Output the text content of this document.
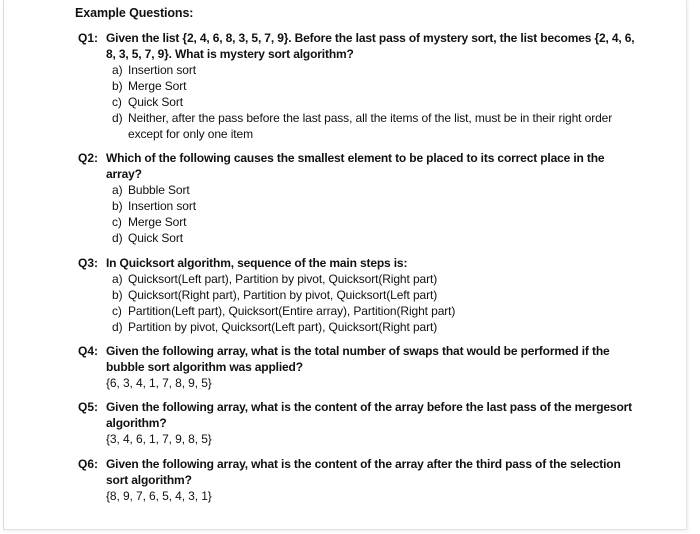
Example Questions:
Q1: Given the list {2, 4, 6, 8, 3, 5, 7, 9}. Before the last pass of mystery sort, the list becomes {2, 4, 6, 8, 3, 5, 7, 9}. What is mystery sort algorithm?
a) Insertion sort
b) Merge Sort
c) Quick Sort
d) Neither, after the pass before the last pass, all the items of the list, must be in their right order except for only one item
Q2: Which of the following causes the smallest element to be placed to its correct place in the array?
a) Bubble Sort
b) Insertion sort
c) Merge Sort
d) Quick Sort
Q3: In Quicksort algorithm, sequence of the main steps is:
a) Quicksort(Left part), Partition by pivot, Quicksort(Right part)
b) Quicksort(Right part), Partition by pivot, Quicksort(Left part)
c) Partition(Left part), Quicksort(Entire array), Partition(Right part)
d) Partition by pivot, Quicksort(Left part), Quicksort(Right part)
Q4: Given the following array, what is the total number of swaps that would be performed if the bubble sort algorithm was applied?
{6, 3, 4, 1, 7, 8, 9, 5}
Q5: Given the following array, what is the content of the array before the last pass of the mergesort algorithm?
{3, 4, 6, 1, 7, 9, 8, 5}
Q6: Given the following array, what is the content of the array after the third pass of the selection sort algorithm?
{8, 9, 7, 6, 5, 4, 3, 1}
